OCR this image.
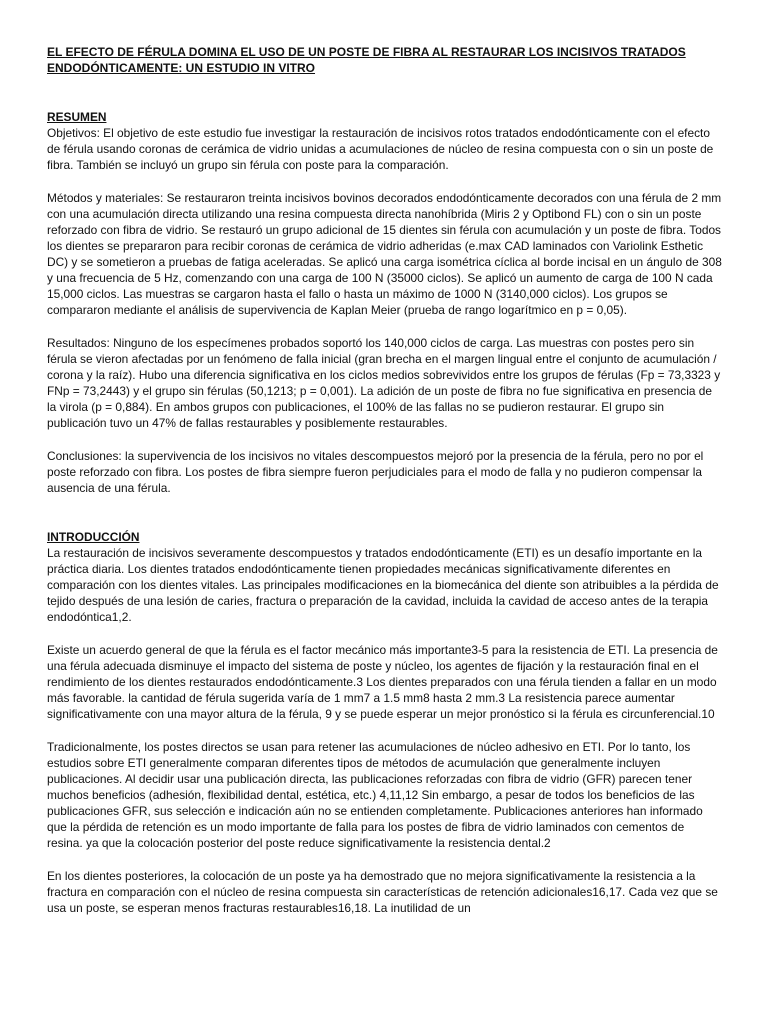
EL EFECTO DE FÉRULA DOMINA EL USO DE UN POSTE DE FIBRA AL RESTAURAR LOS INCISIVOS TRATADOS ENDODÓNTICAMENTE: UN ESTUDIO IN VITRO
RESUMEN

Objetivos: El objetivo de este estudio fue investigar la restauración de incisivos rotos tratados endodónticamente con el efecto de férula usando coronas de cerámica de vidrio unidas a acumulaciones de núcleo de resina compuesta con o sin un poste de fibra. También se incluyó un grupo sin férula con poste para la comparación.

Métodos y materiales: Se restauraron treinta incisivos bovinos decorados endodónticamente decorados con una férula de 2 mm con una acumulación directa utilizando una resina compuesta directa nanohíbrida (Miris 2 y Optibond FL) con o sin un poste reforzado con fibra de vidrio. Se restauró un grupo adicional de 15 dientes sin férula con acumulación y un poste de fibra. Todos los dientes se prepararon para recibir coronas de cerámica de vidrio adheridas (e.max CAD laminados con Variolink Esthetic DC) y se sometieron a pruebas de fatiga aceleradas. Se aplicó una carga isométrica cíclica al borde incisal en un ángulo de 308 y una frecuencia de 5 Hz, comenzando con una carga de 100 N (35000 ciclos). Se aplicó un aumento de carga de 100 N cada 15,000 ciclos. Las muestras se cargaron hasta el fallo o hasta un máximo de 1000 N (3140,000 ciclos). Los grupos se compararon mediante el análisis de supervivencia de Kaplan Meier (prueba de rango logarítmico en p = 0,05).

Resultados: Ninguno de los especímenes probados soportó los 140,000 ciclos de carga. Las muestras con postes pero sin férula se vieron afectadas por un fenómeno de falla inicial (gran brecha en el margen lingual entre el conjunto de acumulación / corona y la raíz). Hubo una diferencia significativa en los ciclos medios sobrevividos entre los grupos de férulas (Fp = 73,3323 y FNp = 73,2443) y el grupo sin férulas (50,1213; p = 0,001). La adición de un poste de fibra no fue significativa en presencia de la virola (p = 0,884). En ambos grupos con publicaciones, el 100% de las fallas no se pudieron restaurar. El grupo sin publicación tuvo un 47% de fallas restaurables y posiblemente restaurables.

Conclusiones: la supervivencia de los incisivos no vitales descompuestos mejoró por la presencia de la férula, pero no por el poste reforzado con fibra. Los postes de fibra siempre fueron perjudiciales para el modo de falla y no pudieron compensar la ausencia de una férula.

INTRODUCCIÓN

La restauración de incisivos severamente descompuestos y tratados endodónticamente (ETI) es un desafío importante en la práctica diaria. Los dientes tratados endodónticamente tienen propiedades mecánicas significativamente diferentes en comparación con los dientes vitales. Las principales modificaciones en la biomecánica del diente son atribuibles a la pérdida de tejido después de una lesión de caries, fractura o preparación de la cavidad, incluida la cavidad de acceso antes de la terapia endodóntica1,2.

Existe un acuerdo general de que la férula es el factor mecánico más importante3-5 para la resistencia de ETI. La presencia de una férula adecuada disminuye el impacto del sistema de poste y núcleo, los agentes de fijación y la restauración final en el rendimiento de los dientes restaurados endodónticamente.3 Los dientes preparados con una férula tienden a fallar en un modo más favorable. la cantidad de férula sugerida varía de 1 mm7 a 1.5 mm8 hasta 2 mm.3 La resistencia parece aumentar significativamente con una mayor altura de la férula, 9 y se puede esperar un mejor pronóstico si la férula es circunferencial.10

Tradicionalmente, los postes directos se usan para retener las acumulaciones de núcleo adhesivo en ETI. Por lo tanto, los estudios sobre ETI generalmente comparan diferentes tipos de métodos de acumulación que generalmente incluyen publicaciones. Al decidir usar una publicación directa, las publicaciones reforzadas con fibra de vidrio (GFR) parecen tener muchos beneficios (adhesión, flexibilidad dental, estética, etc.) 4,11,12 Sin embargo, a pesar de todos los beneficios de las publicaciones GFR, sus selección e indicación aún no se entienden completamente. Publicaciones anteriores han informado que la pérdida de retención es un modo importante de falla para los postes de fibra de vidrio laminados con cementos de resina. ya que la colocación posterior del poste reduce significativamente la resistencia dental.2

En los dientes posteriores, la colocación de un poste ya ha demostrado que no mejora significativamente la resistencia a la fractura en comparación con el núcleo de resina compuesta sin características de retención adicionales16,17. Cada vez que se usa un poste, se esperan menos fracturas restaurables16,18. La inutilidad de un
